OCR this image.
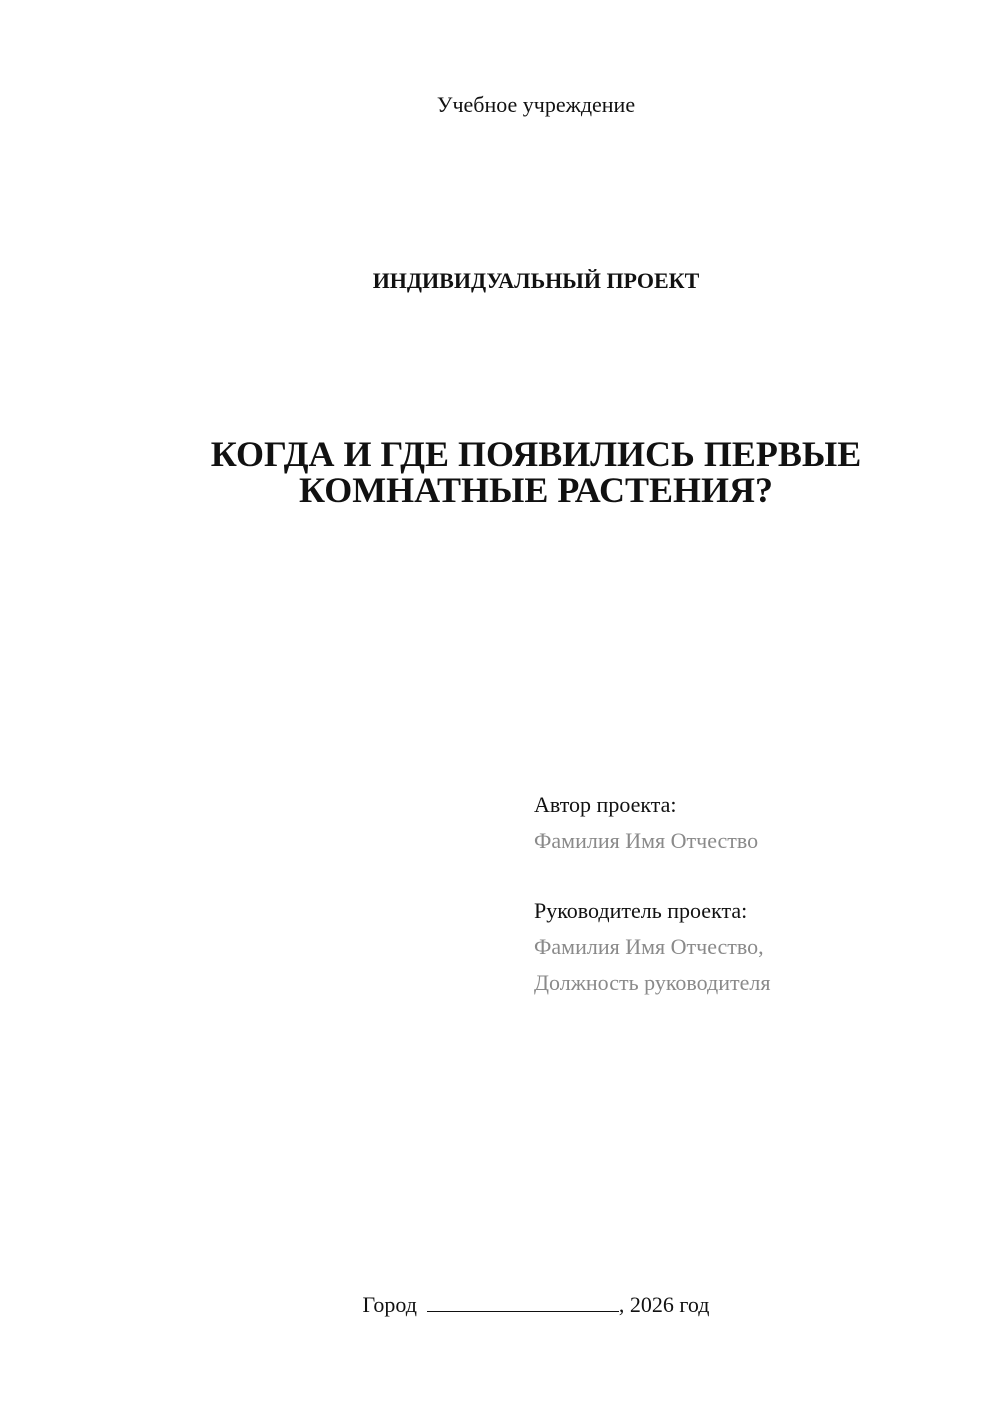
Учебное учреждение
ИНДИВИДУАЛЬНЫЙ ПРОЕКТ
КОГДА И ГДЕ ПОЯВИЛИСЬ ПЕРВЫЕ
КОМНАТНЫЕ РАСТЕНИЯ?
Автор проекта:
Фамилия Имя Отчество
Руководитель проекта:
Фамилия Имя Отчество,
Должность руководителя
Город	, 2026 год
